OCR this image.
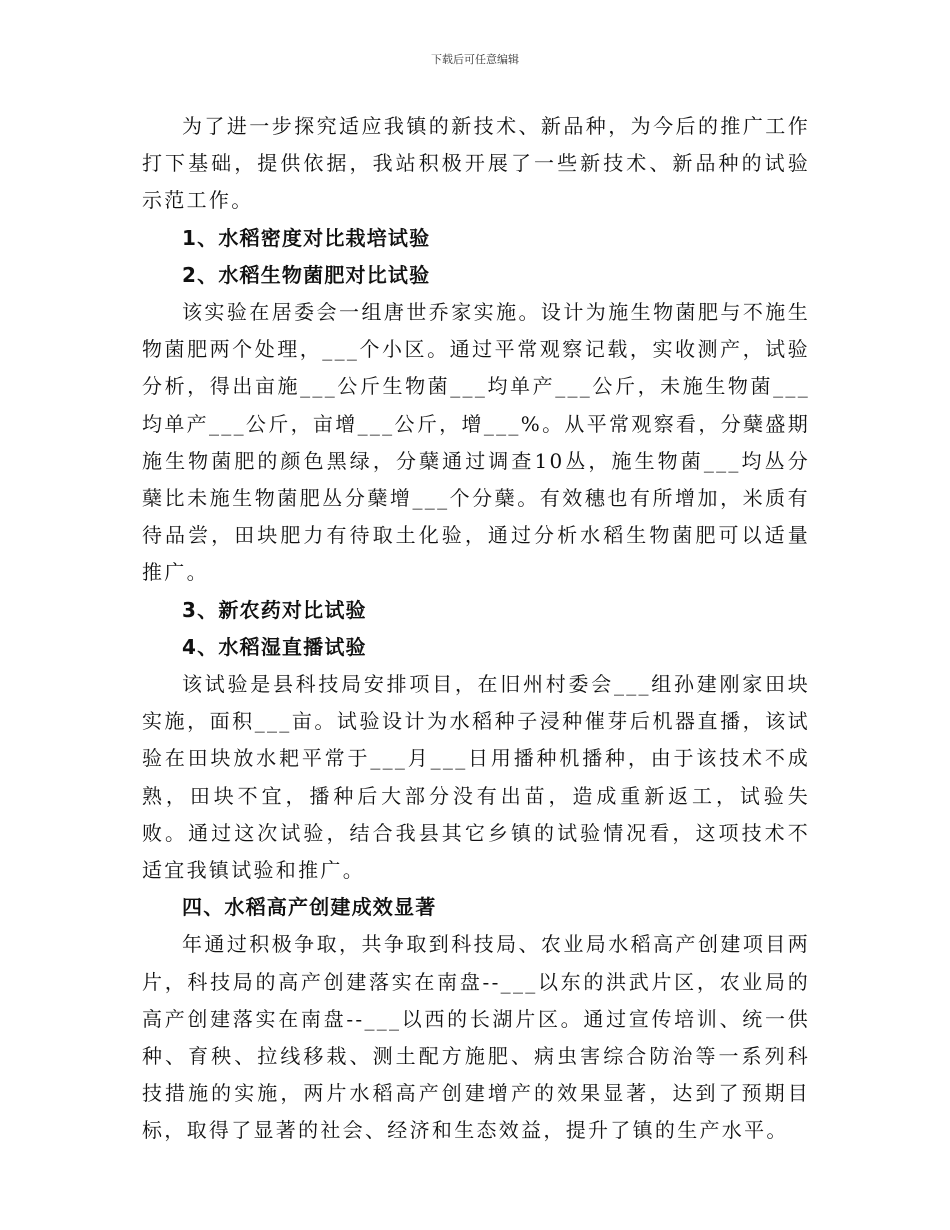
下载后可任意编辑

为了进一步探究适应我镇的新技术、新品种，为今后的推广工作打下基础，提供依据，我站积极开展了一些新技术、新品种的试验示范工作。

1、水稻密度对比栽培试验

2、水稻生物菌肥对比试验

该实验在居委会一组唐世乔家实施。设计为施生物菌肥与不施生物菌肥两个处理，___个小区。通过平常观察记载，实收测产，试验分析，得出亩施___公斤生物菌___均单产___公斤，未施生物菌___均单产___公斤，亩增___公斤，增___%。从平常观察看，分蘖盛期施生物菌肥的颜色黑绿，分蘖通过调查10丛，施生物菌___均丛分蘖比未施生物菌肥丛分蘖增___个分蘖。有效穗也有所增加，米质有待品尝，田块肥力有待取土化验，通过分析水稻生物菌肥可以适量推广。

3、新农药对比试验

4、水稻湿直播试验

该试验是县科技局安排项目，在旧州村委会___组孙建刚家田块实施，面积___亩。试验设计为水稻种子浸种催芽后机器直播，该试验在田块放水耙平常于___月___日用播种机播种，由于该技术不成熟，田块不宜，播种后大部分没有出苗，造成重新返工，试验失败。通过这次试验，结合我县其它乡镇的试验情况看，这项技术不适宜我镇试验和推广。

四、水稻高产创建成效显著

年通过积极争取，共争取到科技局、农业局水稻高产创建项目两片，科技局的高产创建落实在南盘--___以东的洪武片区，农业局的高产创建落实在南盘--___以西的长湖片区。通过宣传培训、统一供种、育秧、拉线移栽、测土配方施肥、病虫害综合防治等一系列科技措施的实施，两片水稻高产创建增产的效果显著，达到了预期目标，取得了显著的社会、经济和生态效益，提升了镇的生产水平。
